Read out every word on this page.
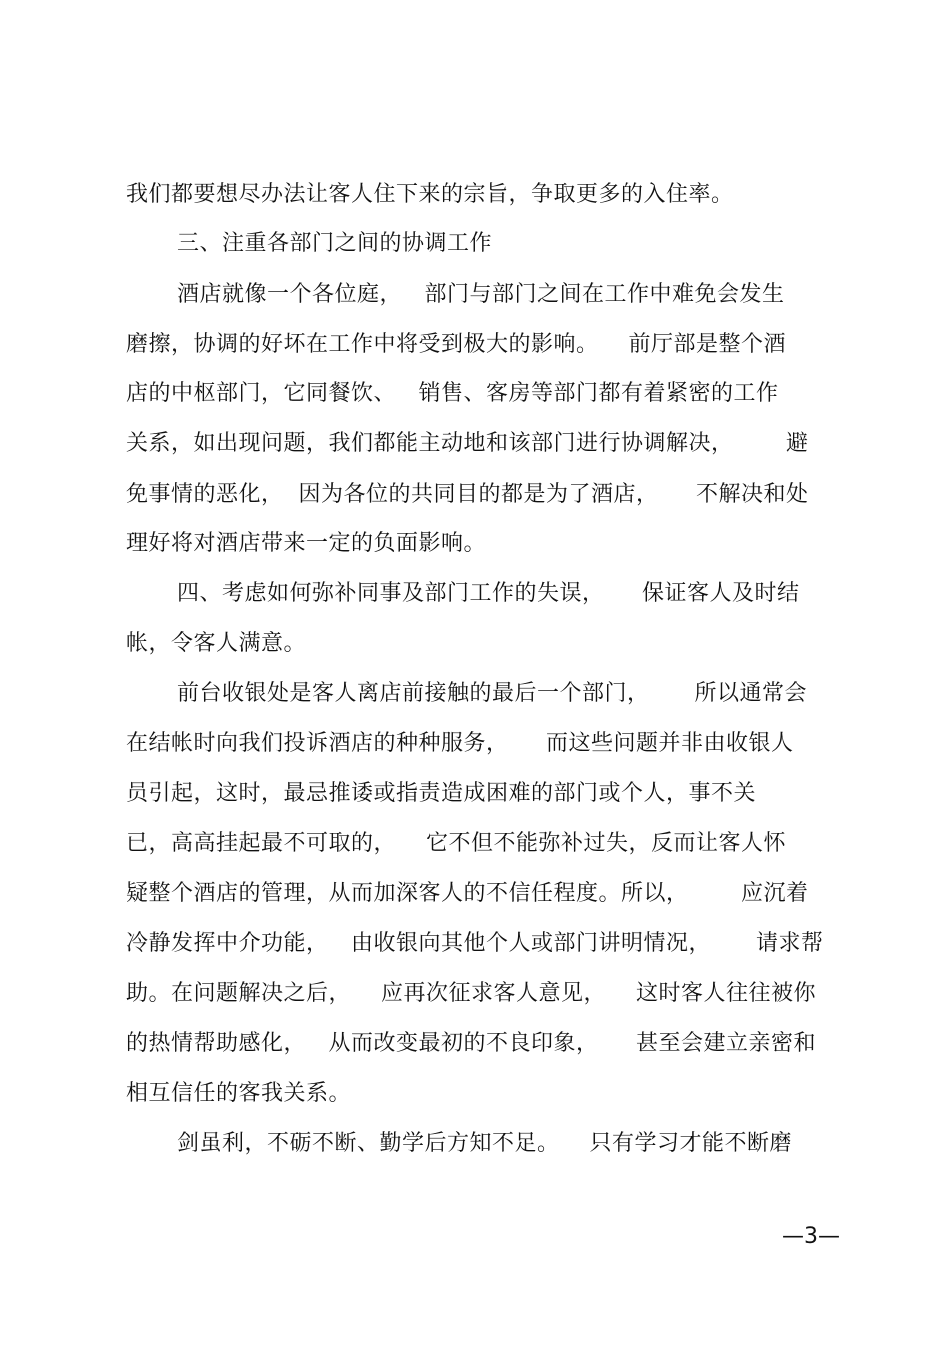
我们都要想尽办法让客人住下来的宗旨，争取更多的入住率。
三、注重各部门之间的协调工作
酒店就像一个各位庭，   部门与部门之间在工作中难免会发生
磨擦，协调的好坏在工作中将受到极大的影响。    前厅部是整个酒
店的中枢部门，它同餐饮、   销售、客房等部门都有着紧密的工作
关系，如出现问题，我们都能主动地和该部门进行协调解决，       避
免事情的恶化，  因为各位的共同目的都是为了酒店，     不解决和处
理好将对酒店带来一定的负面影响。
四、考虑如何弥补同事及部门工作的失误，     保证客人及时结
帐，令客人满意。
前台收银处是客人离店前接触的最后一个部门，      所以通常会
在结帐时向我们投诉酒店的种种服务，     而这些问题并非由收银人
员引起，这时，最忌推诿或指责造成困难的部门或个人，事不关
已，高高挂起最不可取的，    它不但不能弥补过失，反而让客人怀
疑整个酒店的管理，从而加深客人的不信任程度。所以，       应沉着
冷静发挥中介功能，   由收银向其他个人或部门讲明情况，      请求帮
助。在问题解决之后，    应再次征求客人意见，    这时客人往往被你
的热情帮助感化，   从而改变最初的不良印象，     甚至会建立亲密和
相互信任的客我关系。
剑虽利，不砺不断、勤学后方知不足。    只有学习才能不断磨
—3—
